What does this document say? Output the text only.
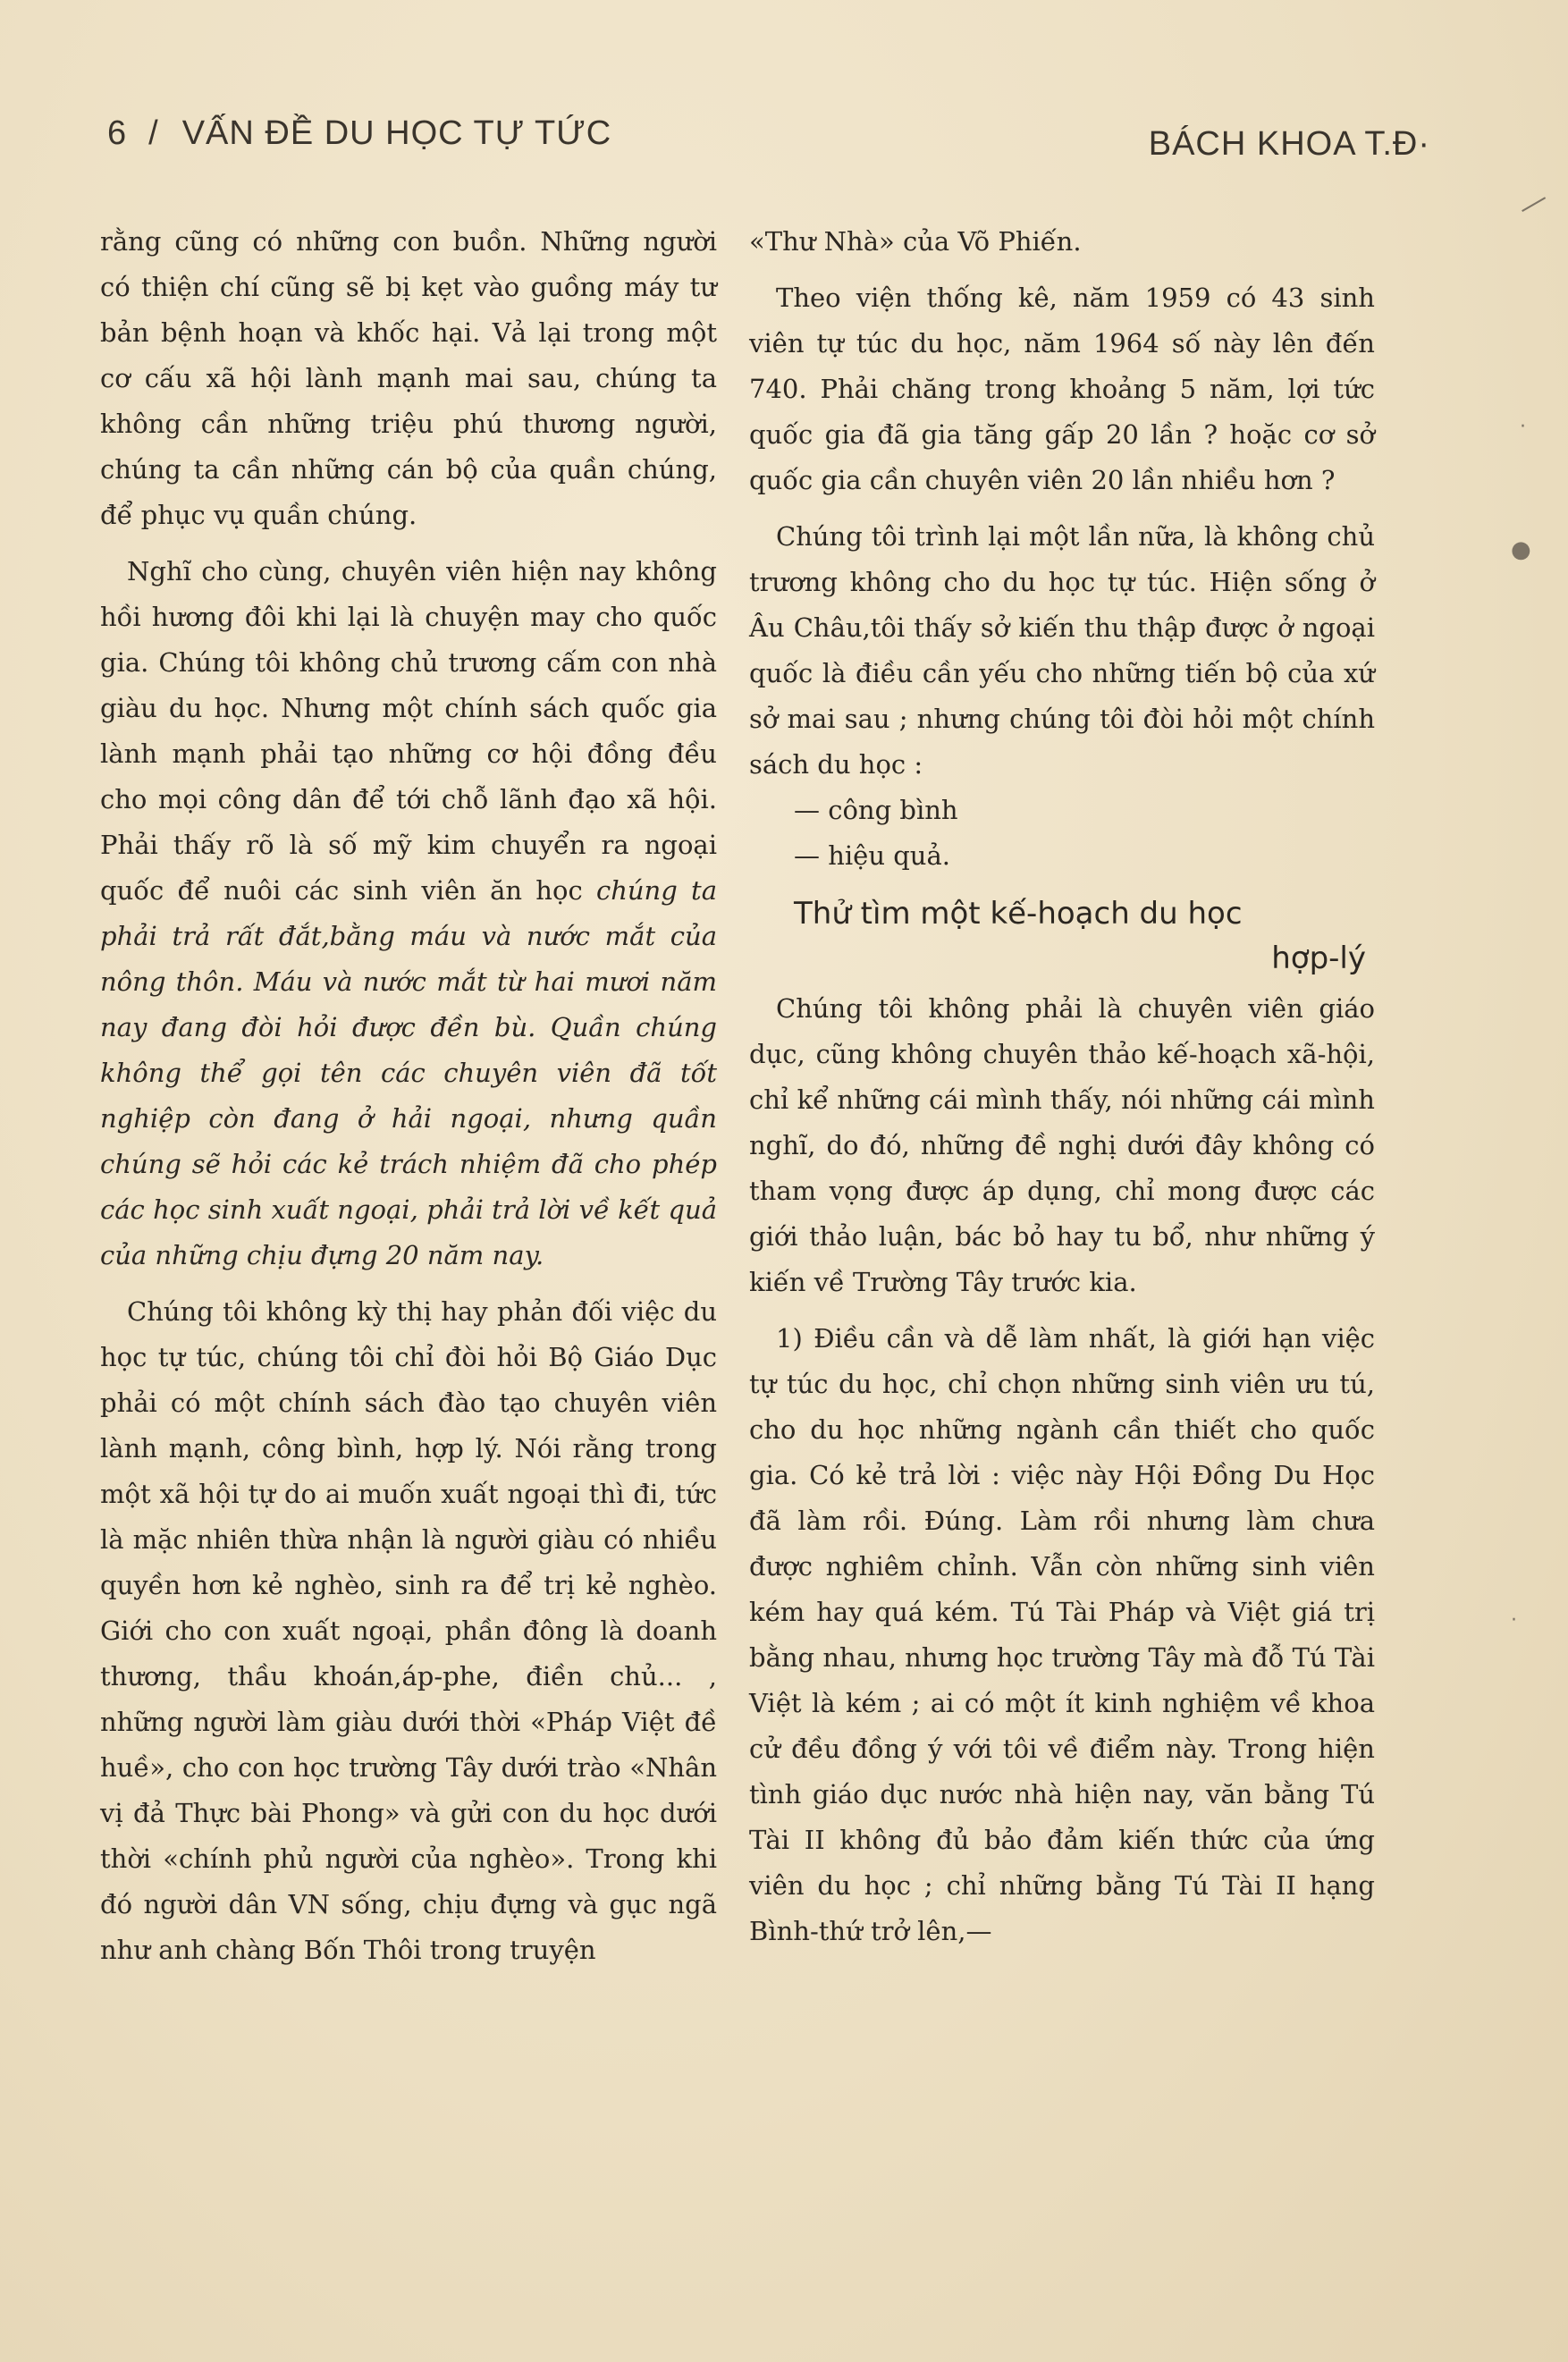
6 / VẤN ĐỀ DU HỌC TỰ TỨC	BÁCH KHOA T.Đ·

rằng cũng có những con buồn. Những người có thiện chí cũng sẽ bị kẹt vào guồng máy tư bản bệnh hoạn và khốc hại. Vả lại trong một cơ cấu xã hội lành mạnh mai sau, chúng ta không cần những triệu phú thương người, chúng ta cần những cán bộ của quần chúng, để phục vụ quần chúng.

Nghĩ cho cùng, chuyên viên hiện nay không hồi hương đôi khi lại là chuyện may cho quốc gia. Chúng tôi không chủ trương cấm con nhà giàu du học. Nhưng một chính sách quốc gia lành mạnh phải tạo những cơ hội đồng đều cho mọi công dân để tới chỗ lãnh đạo xã hội. Phải thấy rõ là số mỹ kim chuyển ra ngoại quốc để nuôi các sinh viên ăn học chúng ta phải trả rất đắt,bằng máu và nước mắt của nông thôn. Máu và nước mắt từ hai mươi năm nay đang đòi hỏi được đền bù. Quần chúng không thể gọi tên các chuyên viên đã tốt nghiệp còn đang ở hải ngoại, nhưng quần chúng sẽ hỏi các kẻ trách nhiệm đã cho phép các học sinh xuất ngoại, phải trả lời về kết quả của những chịu đựng 20 năm nay.

Chúng tôi không kỳ thị hay phản đối việc du học tự túc, chúng tôi chỉ đòi hỏi Bộ Giáo Dục phải có một chính sách đào tạo chuyên viên lành mạnh, công bình, hợp lý. Nói rằng trong một xã hội tự do ai muốn xuất ngoại thì đi, tức là mặc nhiên thừa nhận là người giàu có nhiều quyền hơn kẻ nghèo, sinh ra để trị kẻ nghèo. Giới cho con xuất ngoại, phần đông là doanh thương, thầu khoán,áp-phe, điền chủ... , những người làm giàu dưới thời «Pháp Việt đề huề», cho con học trường Tây dưới trào «Nhân vị đả Thực bài Phong» và gửi con du học dưới thời «chính phủ người của nghèo». Trong khi đó người dân VN sống, chịu đựng và gục ngã như anh chàng Bốn Thôi trong truyện

«Thư Nhà» của Võ Phiến.

Theo viện thống kê, năm 1959 có 43 sinh viên tự túc du học, năm 1964 số này lên đến 740. Phải chăng trong khoảng 5 năm, lợi tức quốc gia đã gia tăng gấp 20 lần ? hoặc cơ sở quốc gia cần chuyên viên 20 lần nhiều hơn ?

Chúng tôi trình lại một lần nữa, là không chủ trương không cho du học tự túc. Hiện sống ở Âu Châu,tôi thấy sở kiến thu thập được ở ngoại quốc là điều cần yếu cho những tiến bộ của xứ sở mai sau ; nhưng chúng tôi đòi hỏi một chính sách du học :

— công bình
— hiệu quả.
Thử tìm một kế-hoạch du học
hợp-lý

Chúng tôi không phải là chuyên viên giáo dục, cũng không chuyên thảo kế-hoạch xã-hội, chỉ kể những cái mình thấy, nói những cái mình nghĩ, do đó, những đề nghị dưới đây không có tham vọng được áp dụng, chỉ mong được các giới thảo luận, bác bỏ hay tu bổ, như những ý kiến về Trường Tây trước kia.

1) Điều cần và dễ làm nhất, là giới hạn việc tự túc du học, chỉ chọn những sinh viên ưu tú, cho du học những ngành cần thiết cho quốc gia. Có kẻ trả lời : việc này Hội Đồng Du Học đã làm rồi. Đúng. Làm rồi nhưng làm chưa được nghiêm chỉnh. Vẫn còn những sinh viên kém hay quá kém. Tú Tài Pháp và Việt giá trị bằng nhau, nhưng học trường Tây mà đỗ Tú Tài Việt là kém ; ai có một ít kinh nghiệm về khoa cử đều đồng ý với tôi về điểm này. Trong hiện tình giáo dục nước nhà hiện nay, văn bằng Tú Tài II không đủ bảo đảm kiến thức của ứng viên du học ; chỉ những bằng Tú Tài II hạng Bình-thứ trở lên,—

―
·
●
·
